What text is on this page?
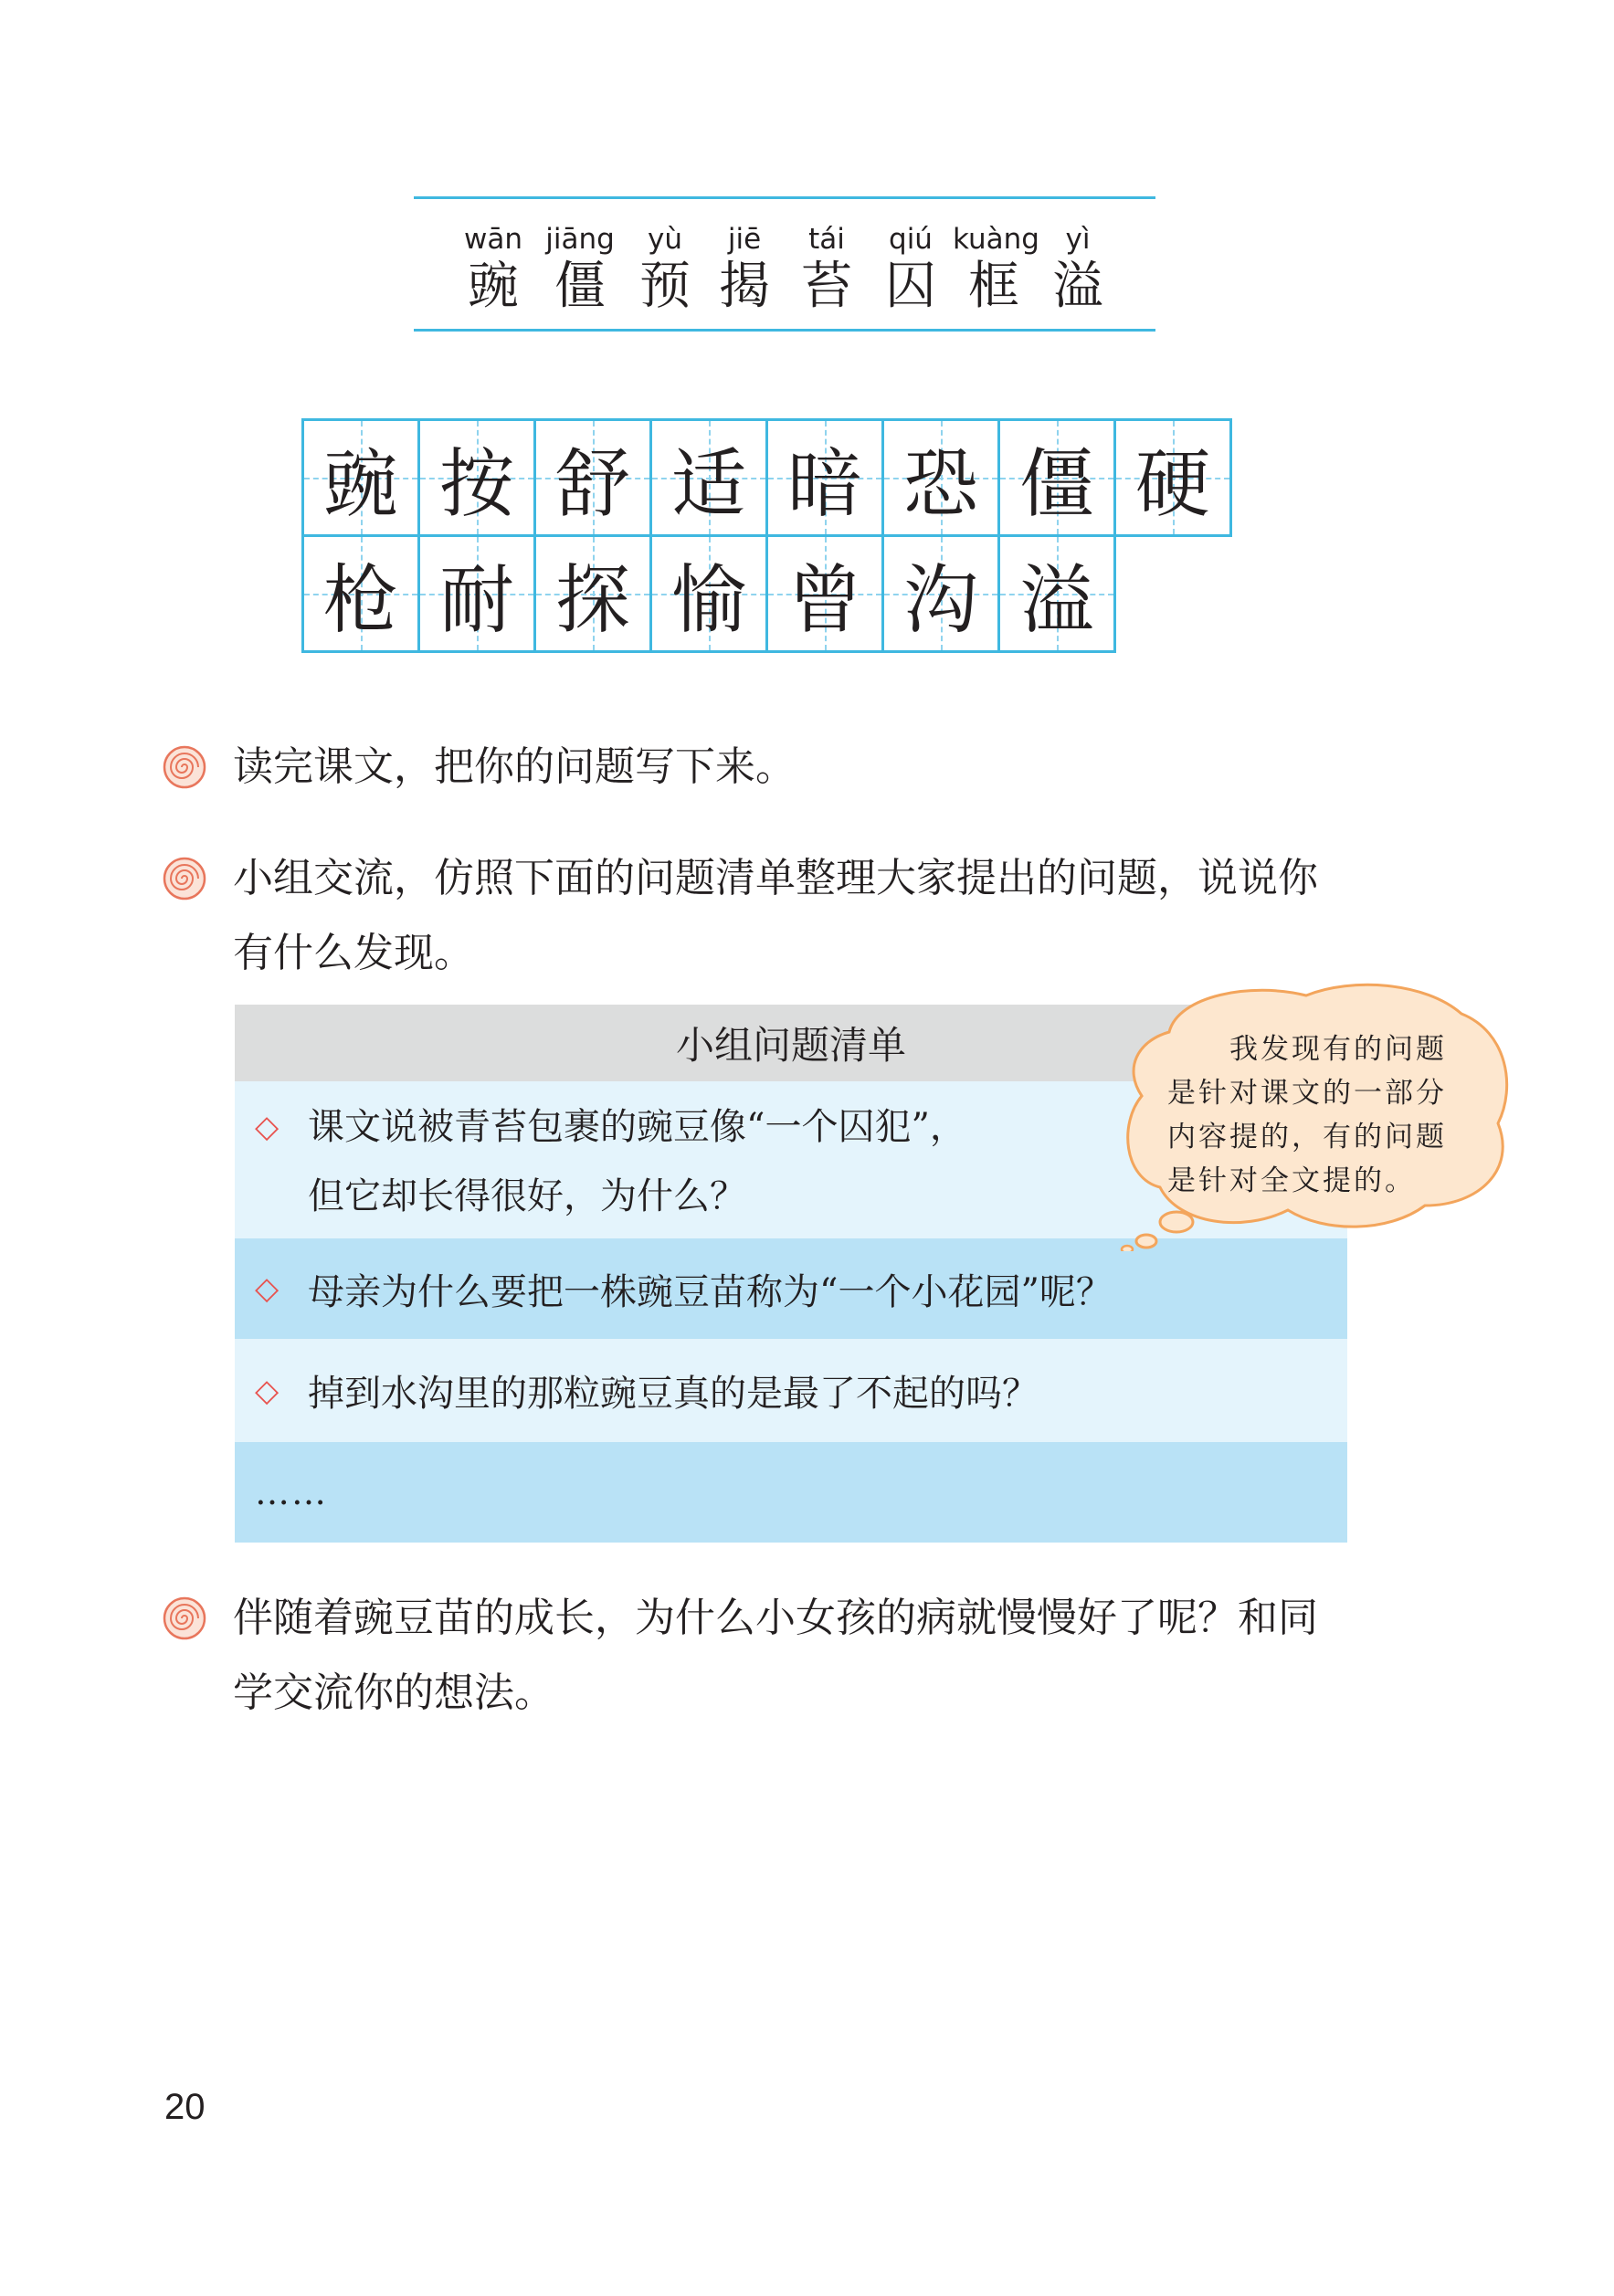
wān
豌
jiāng
僵
yù
预
jiē
揭
tái
苔
qiú
囚
kuàng
框
yì
溢
豌 按 舒 适 暗 恐 僵 硬
枪 耐 探 愉 曾 沟 溢
读完课文，把你的问题写下来。
小组交流，仿照下面的问题清单整理大家提出的问题，说说你
有什么发现。
伴随着豌豆苗的成长，为什么小女孩的病就慢慢好了呢？和同
学交流你的想法。
小组问题清单
◇ 课文说被青苔包裹的豌豆像“一个囚犯”，
但它却长得很好，为什么？
◇ 母亲为什么要把一株豌豆苗称为“一个小花园”呢？
◇ 掉到水沟里的那粒豌豆真的是最了不起的吗？
……
我发现有的问题
是针对课文的一部分
内容提的，有的问题
是针对全文提的。
20
